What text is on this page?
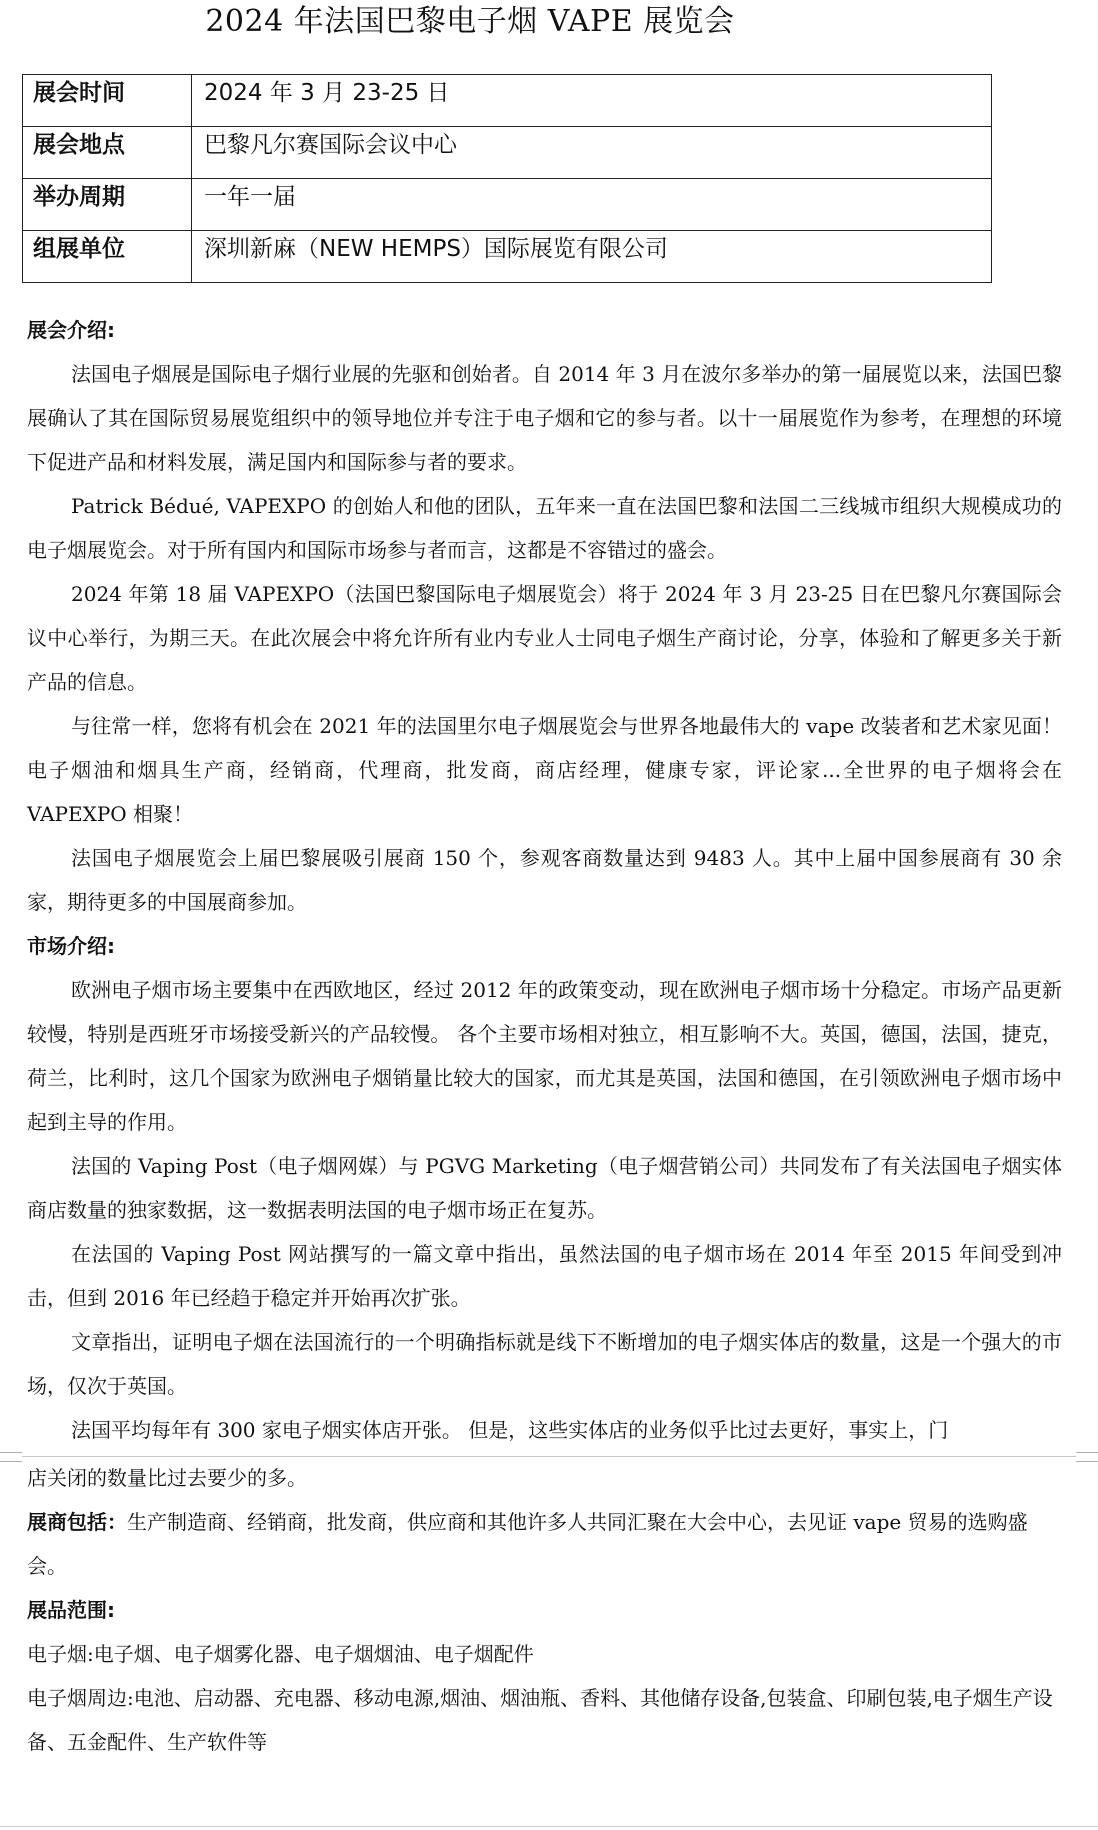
2024 年法国巴黎电子烟 VAPE 展览会
展会时间	2024 年 3 月 23-25 日
展会地点	巴黎凡尔赛国际会议中心
举办周期	一年一届
组展单位	深圳新麻（NEW HEMPS）国际展览有限公司

展会介绍:

法国电子烟展是国际电子烟行业展的先驱和创始者。自 2014 年 3 月在波尔多举办的第一届展览以来，法国巴黎展确认了其在国际贸易展览组织中的领导地位并专注于电子烟和它的参与者。以十一届展览作为参考，在理想的环境下促进产品和材料发展，满足国内和国际参与者的要求。

Patrick Bédué, VAPEXPO 的创始人和他的团队，五年来一直在法国巴黎和法国二三线城市组织大规模成功的电子烟展览会。对于所有国内和国际市场参与者而言，这都是不容错过的盛会。

2024 年第 18 届 VAPEXPO（法国巴黎国际电子烟展览会）将于 2024 年 3 月 23-25 日在巴黎凡尔赛国际会议中心举行，为期三天。在此次展会中将允许所有业内专业人士同电子烟生产商讨论，分享，体验和了解更多关于新产品的信息。

与往常一样，您将有机会在 2021 年的法国里尔电子烟展览会与世界各地最伟大的 vape 改装者和艺术家见面！电子烟油和烟具生产商，经销商，代理商，批发商，商店经理，健康专家，评论家...全世界的电子烟将会在 VAPEXPO 相聚！

法国电子烟展览会上届巴黎展吸引展商 150 个，参观客商数量达到 9483 人。其中上届中国参展商有 30 余家，期待更多的中国展商参加。

市场介绍:

欧洲电子烟市场主要集中在西欧地区，经过 2012 年的政策变动，现在欧洲电子烟市场十分稳定。市场产品更新较慢，特别是西班牙市场接受新兴的产品较慢。 各个主要市场相对独立，相互影响不大。英国，德国，法国，捷克，荷兰，比利时，这几个国家为欧洲电子烟销量比较大的国家，而尤其是英国，法国和德国，在引领欧洲电子烟市场中起到主导的作用。

法国的 Vaping Post（电子烟网媒）与 PGVG Marketing（电子烟营销公司）共同发布了有关法国电子烟实体商店数量的独家数据，这一数据表明法国的电子烟市场正在复苏。

在法国的 Vaping Post 网站撰写的一篇文章中指出，虽然法国的电子烟市场在 2014 年至 2015 年间受到冲击，但到 2016 年已经趋于稳定并开始再次扩张。

文章指出，证明电子烟在法国流行的一个明确指标就是线下不断增加的电子烟实体店的数量，这是一个强大的市场，仅次于英国。

法国平均每年有 300 家电子烟实体店开张。 但是，这些实体店的业务似乎比过去更好，事实上，门

店关闭的数量比过去要少的多。

展商包括：生产制造商、经销商，批发商，供应商和其他许多人共同汇聚在大会中心，去见证 vape 贸易的选购盛会。

展品范围:

电子烟:电子烟、电子烟雾化器、电子烟烟油、电子烟配件

电子烟周边:电池、启动器、充电器、移动电源,烟油、烟油瓶、香料、其他储存设备,包装盒、印刷包装,电子烟生产设备、五金配件、生产软件等
